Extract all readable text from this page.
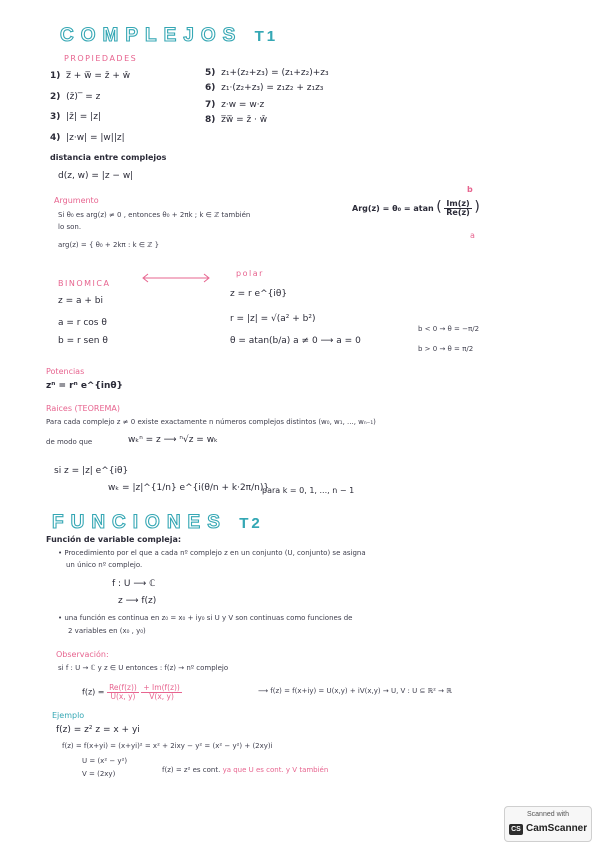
COMPLEJOS T1
PROPIEDADES
1) z̅ + w̅ = z̄ + w̄
2) (z̄)‾ = z
3) |z̄| = |z|
4) |z·w| = |w||z|
5) z₁+(z₂+z₃) = (z₁+z₂)+z₃
6) z₁·(z₂+z₃) = z₁z₂ + z₁z₃
7) z·w = w·z
8) z̅w̅ = z̄ · w̄
distancia entre complejos
d(z, w) = |z − w|
Argumento
Si θ₀ es arg(z) ≠ 0 , entonces θ₀ + 2πk ; k ∈ ℤ también
lo son.
arg(z) = { θ₀ + 2kπ : k ∈ ℤ }
b
Arg(z) = θ₀ = atan ( $\frac{Im(z)}{Re(z)}$ )
a
BINOMICA
polar
z = a + bi
a = r cos θ
b = r sen θ
z = r e^{iθ}
r = |z| = √(a² + b²)
θ = atan(b/a) a ≠ 0 ⟶ a = 0
b < 0 → θ = −π/2
b > 0 → θ = π/2
Potencias
zⁿ = rⁿ e^{inθ}
Raices (TEOREMA)
Para cada complejo z ≠ 0 existe exactamente n números complejos distintos (w₀, w₁, ..., wₙ₋₁)
de modo que	wₖⁿ = z ⟶ ⁿ√z = wₖ
si z = |z| e^{iθ}
wₖ = |z|^{1/n} e^{i(θ/n + k·2π/n)}
para k = 0, 1, ..., n − 1
FUNCIONES T2
Función de variable compleja:
• Procedimiento por el que a cada nº complejo z en un conjunto (U, conjunto) se asigna
un único nº complejo.
f : U ⟶ ℂ
z ⟶ f(z)
• una función es continua en z₀ = x₀ + iy₀ si U y V son continuas como funciones de
2 variables en (x₀ , y₀)
Observación:
si f : U → ℂ y z ∈ U entonces : f(z) → nº complejo
$f(z) = \frac{Re(f(z))}{U(x, y)}$
$\frac{+ Im(f(z))}{V(x, y)}$	⟶ f(z) = f(x+iy) = U(x,y) + iV(x,y) → U, V : U ⊆ ℝ² → ℝ
Ejemplo
f(z) = z² z = x + yi
f(z) = f(x+yi) = (x+yi)² = x² + 2ixy − y² = (x² − y²) + (2xy)i
U = (x² − y²)
V = (2xy)	f(z) = z² es cont. ya que U es cont. y V también
Scanned with
CS CamScanner
